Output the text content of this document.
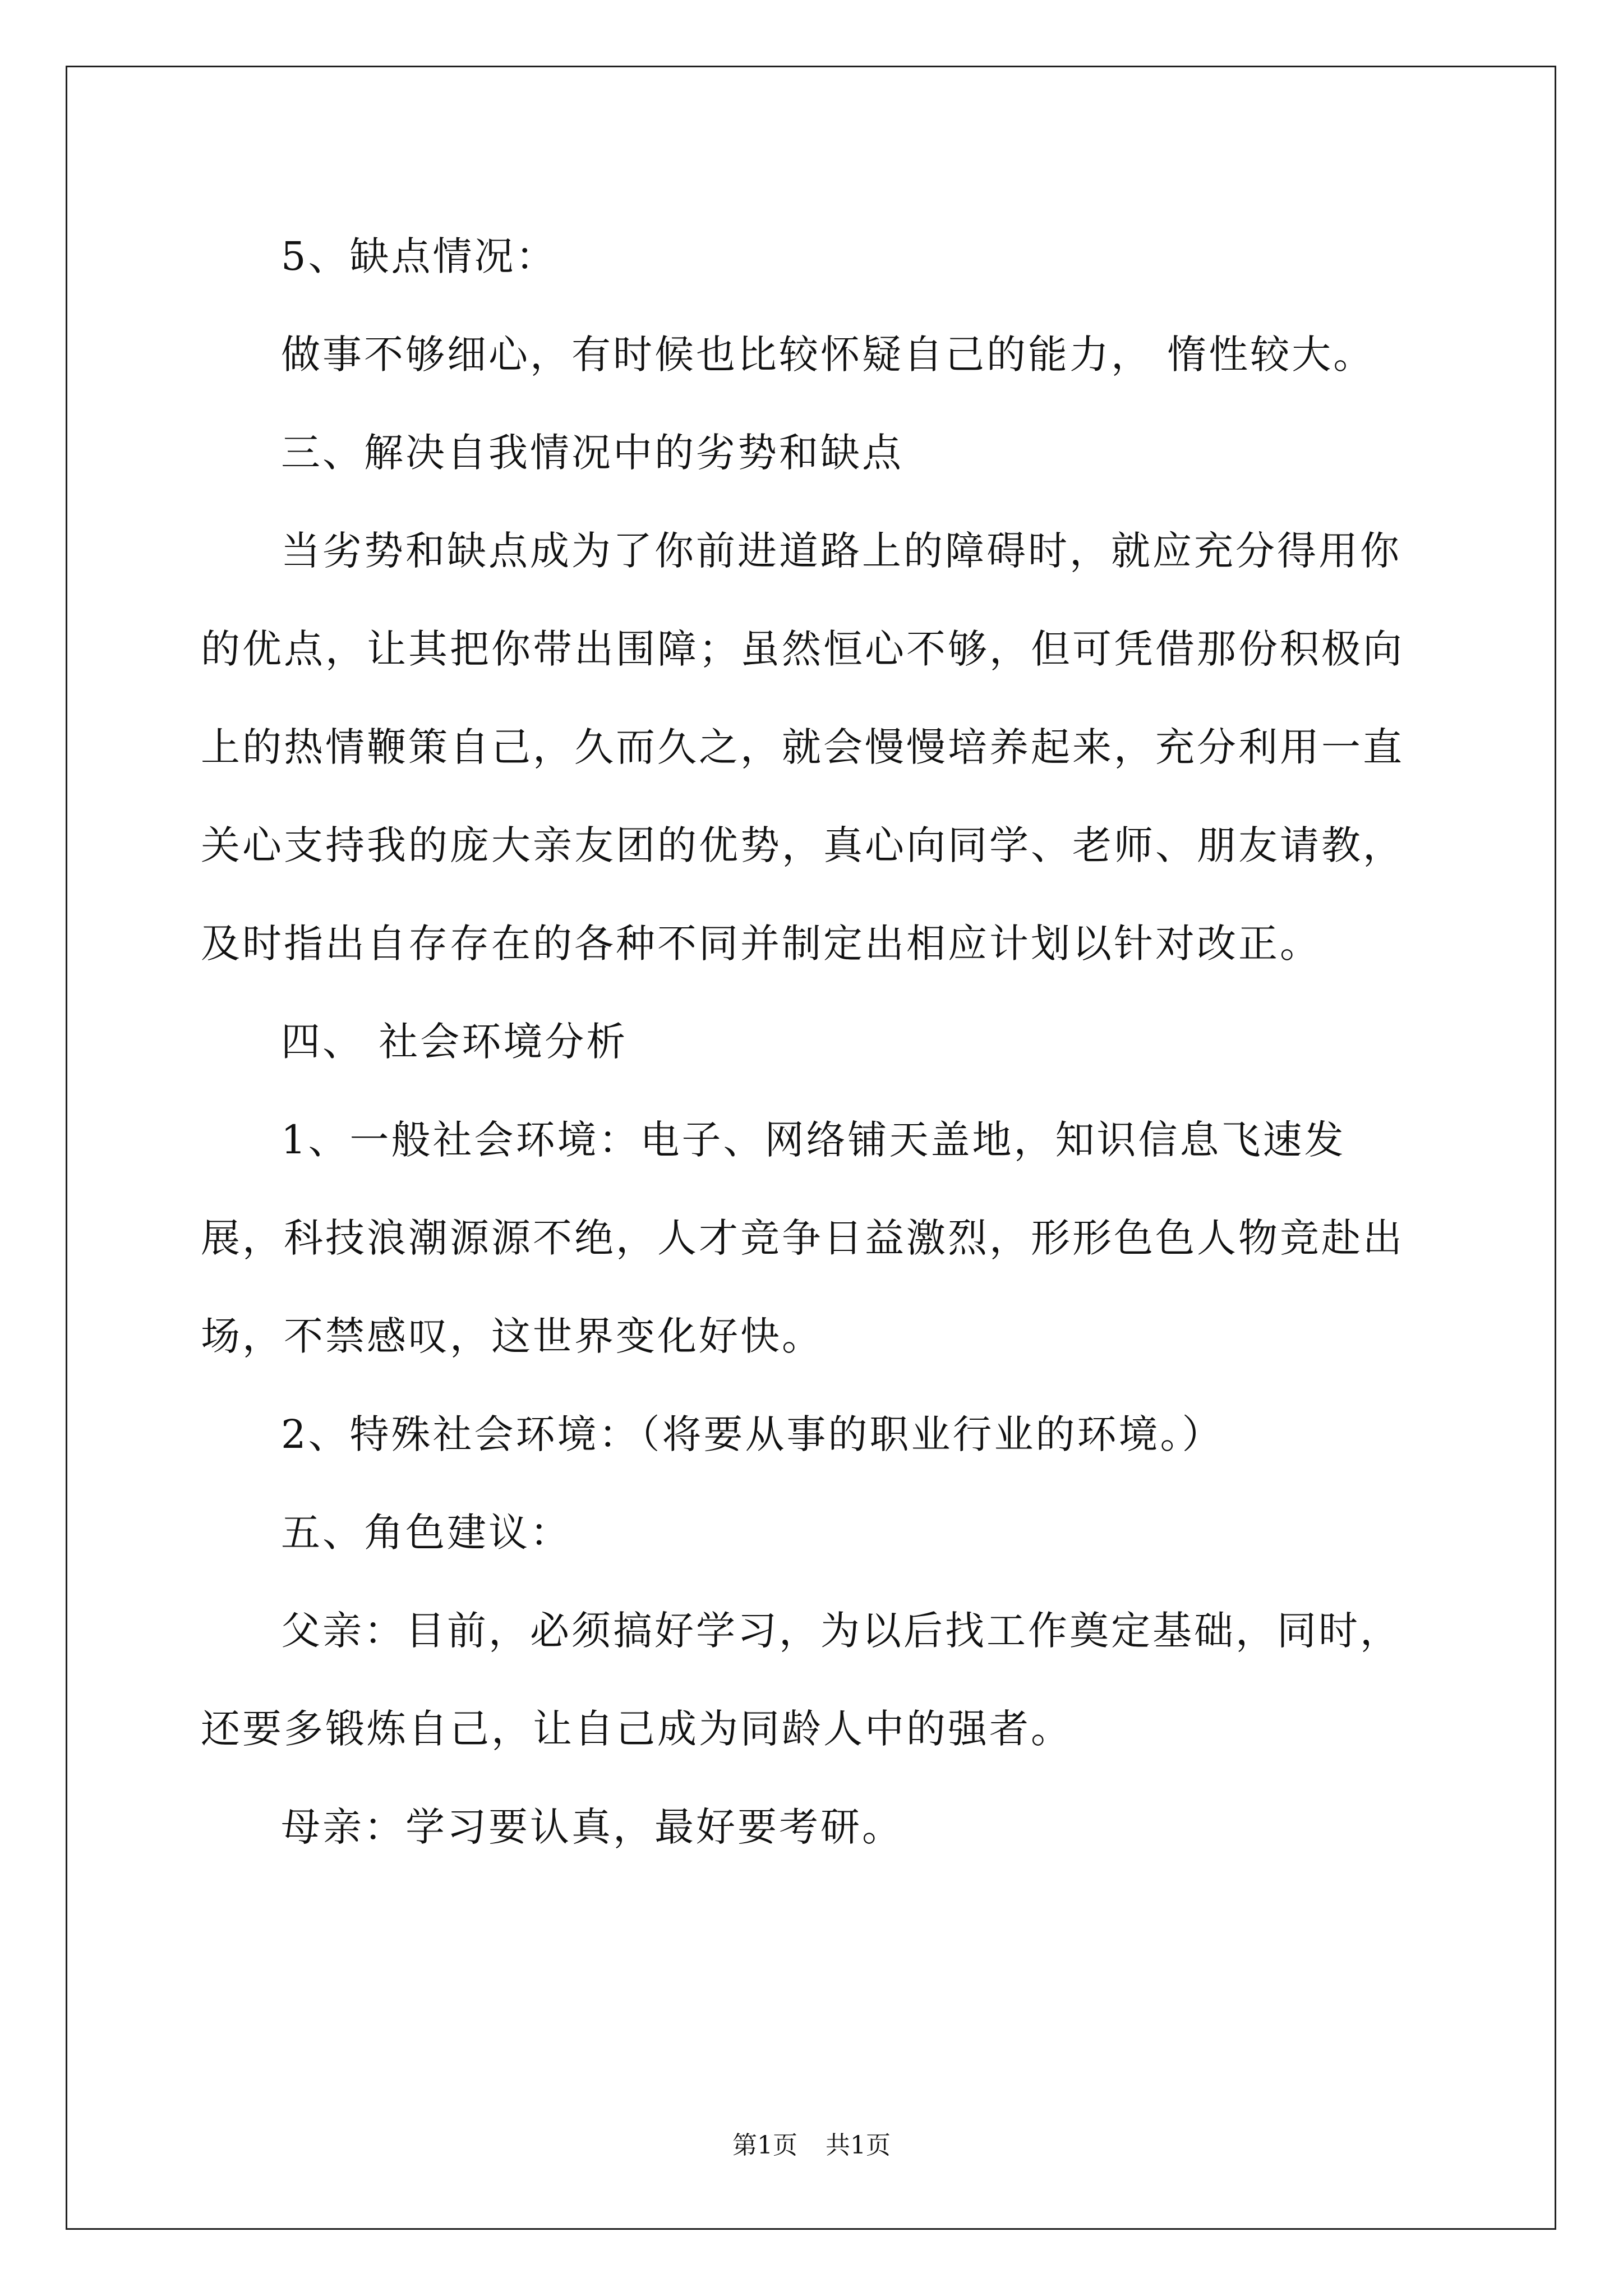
5、缺点情况：

做事不够细心，有时候也比较怀疑自己的能力， 惰性较大。

三、解决自我情况中的劣势和缺点

当劣势和缺点成为了你前进道路上的障碍时，就应充分得用你的优点，让其把你带出围障；虽然恒心不够，但可凭借那份积极向上的热情鞭策自己，久而久之，就会慢慢培养起来，充分利用一直关心支持我的庞大亲友团的优势，真心向同学、老师、朋友请教，及时指出自存存在的各种不同并制定出相应计划以针对改正。

四、 社会环境分析

1、一般社会环境：电子、网络铺天盖地，知识信息飞速发展，科技浪潮源源不绝，人才竞争日益激烈，形形色色人物竞赴出场，不禁感叹，这世界变化好快。

2、特殊社会环境：（将要从事的职业行业的环境。）

五、角色建议：

父亲：目前，必须搞好学习，为以后找工作奠定基础，同时，还要多锻炼自己，让自己成为同龄人中的强者。

母亲：学习要认真，最好要考研。

第1页 共1页
